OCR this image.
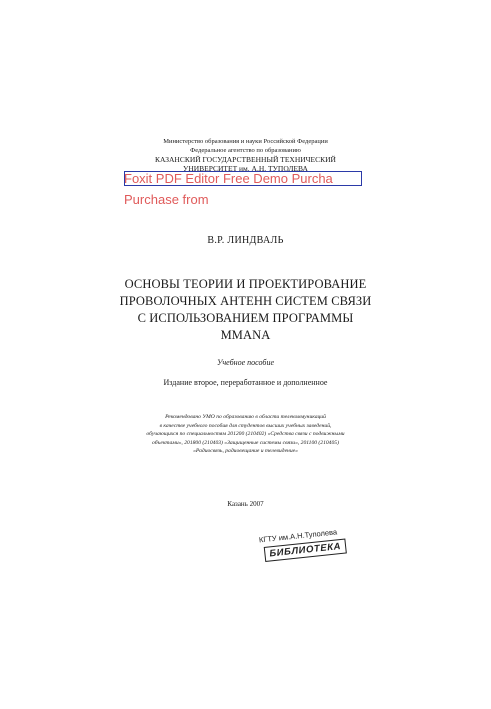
Министерство образования и науки Российской Федерации
Федеральное агентство по образованию
КАЗАНСКИЙ ГОСУДАРСТВЕННЫЙ ТЕХНИЧЕСКИЙ
УНИВЕРСИТЕТ им. А.Н. ТУПОЛЕВА
Foxit PDF Editor Free Demo Purcha
Purchase from
В.Р. ЛИНДВАЛЬ
ОСНОВЫ ТЕОРИИ И ПРОЕКТИРОВАНИЕ
ПРОВОЛОЧНЫХ АНТЕНН СИСТЕМ СВЯЗИ
С ИСПОЛЬЗОВАНИЕМ ПРОГРАММЫ
MMANA
Учебное пособие
Издание второе, переработанное и дополненное
Рекомендовано УМО по образованию в области телекоммуникаций
в качестве учебного пособия для студентов высших учебных заведений,
обучающихся по специальностям 201200 (210402) «Средства связи с подвижными
объектами», 201800 (210403) «Защищенные системы связи», 201100 (210405)
«Радиосвязь, радиовещание и телевидение»
Казань 2007
КГТУ им.А.Н.Туполева
БИБЛИОТЕКА
